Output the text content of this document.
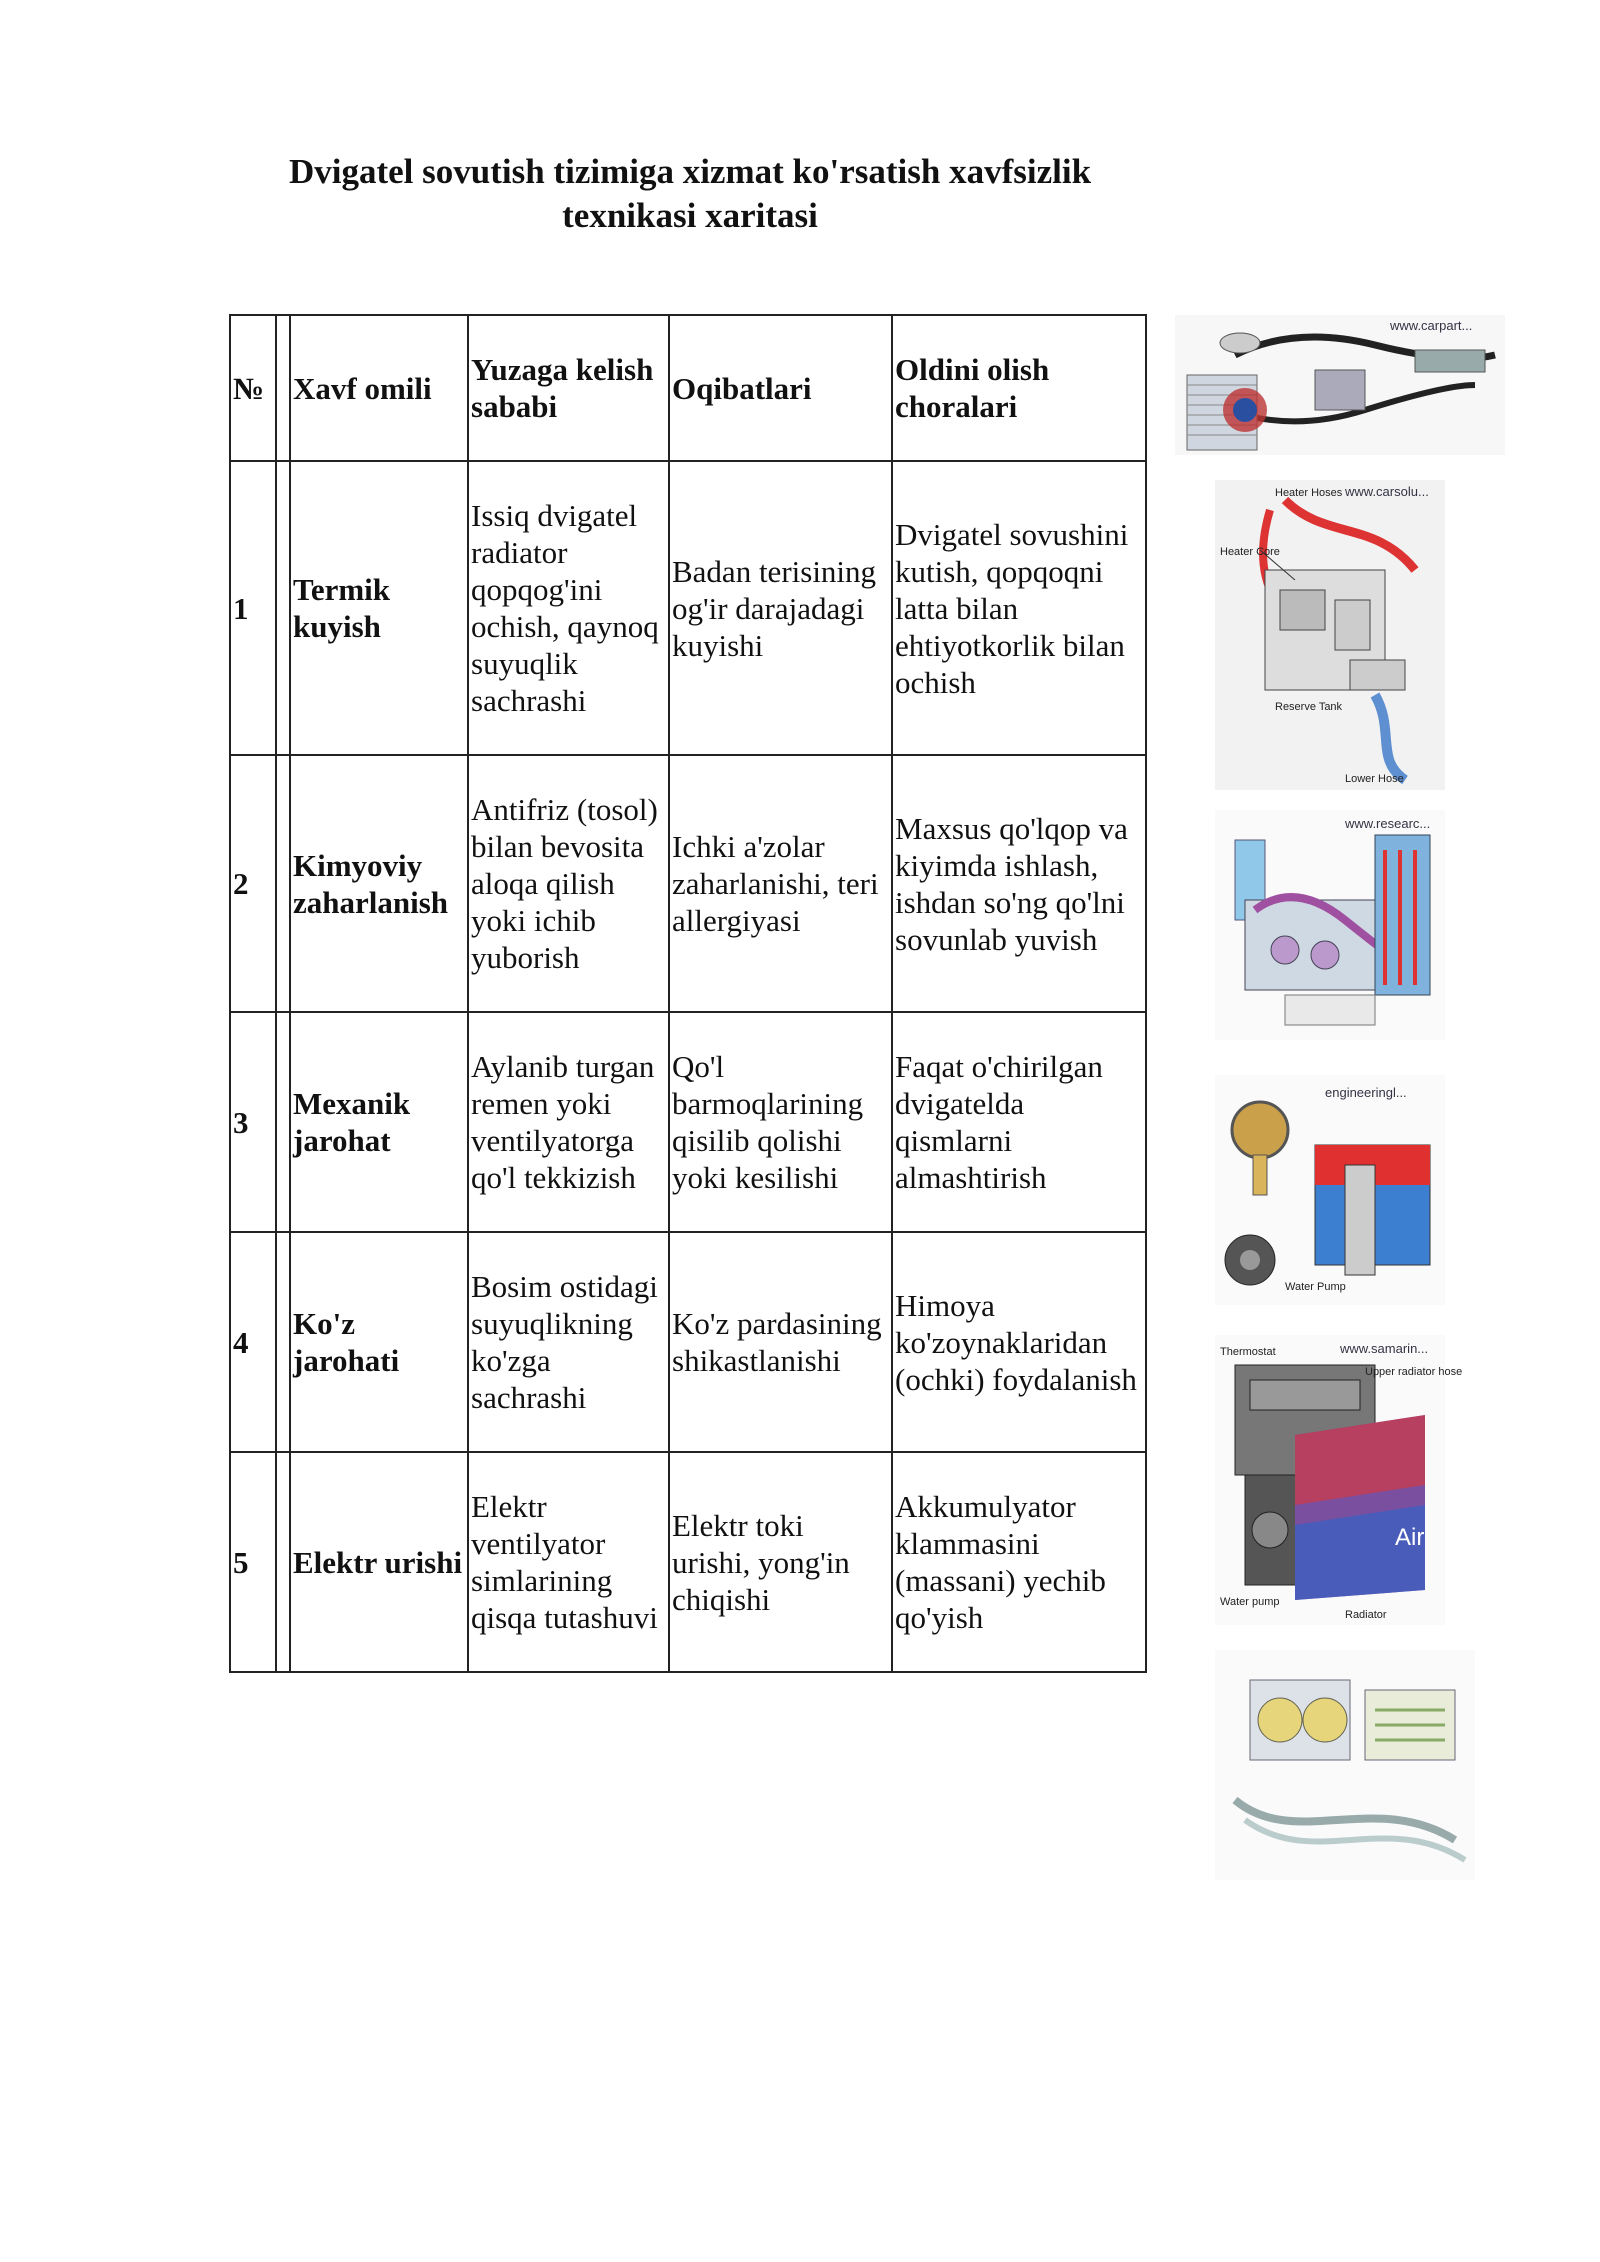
Dvigatel sovutish tizimiga xizmat ko'rsatish xavfsizlik
texnikasi xaritasi
№		Xavf omili	Yuzaga kelish sababi	Oqibatlari	Oldini olish choralari
1		Termik kuyish	Issiq dvigatel radiator qopqog'ini ochish, qaynoq suyuqlik sachrashi	Badan terisining og'ir darajadagi kuyishi	Dvigatel sovushini kutish, qopqoqni latta bilan ehtiyotkorlik bilan ochish
2		Kimyoviy zaharlanish	Antifriz (tosol) bilan bevosita aloqa qilish yoki ichib yuborish	Ichki a'zolar zaharlanishi, teri allergiyasi	Maxsus qo'lqop va kiyimda ishlash, ishdan so'ng qo'lni sovunlab yuvish
3		Mexanik jarohat	Aylanib turgan remen yoki ventilyatorga qo'l tekkizish	Qo'l barmoqlarining qisilib qolishi yoki kesilishi	Faqat o'chirilgan dvigatelda qismlarni almashtirish
4		Ko'z jarohati	Bosim ostidagi suyuqlikning ko'zga sachrashi	Ko'z pardasining shikastlanishi	Himoya ko'zoynaklaridan (ochki) foydalanish
5		Elektr urishi	Elektr ventilyator simlarining qisqa tutashuvi	Elektr toki urishi, yong'in chiqishi	Akkumulyator klammasini (massani) yechib qo'yish
www.carpart...
Heater Hoses www.carsolu...
Heater Core
Reserve Tank
Lower Hose
www.researc...
engineeringl...
Water Pump
Thermostat	www.samarin...
Upper radiator hose
Air
Water pump
Radiator
